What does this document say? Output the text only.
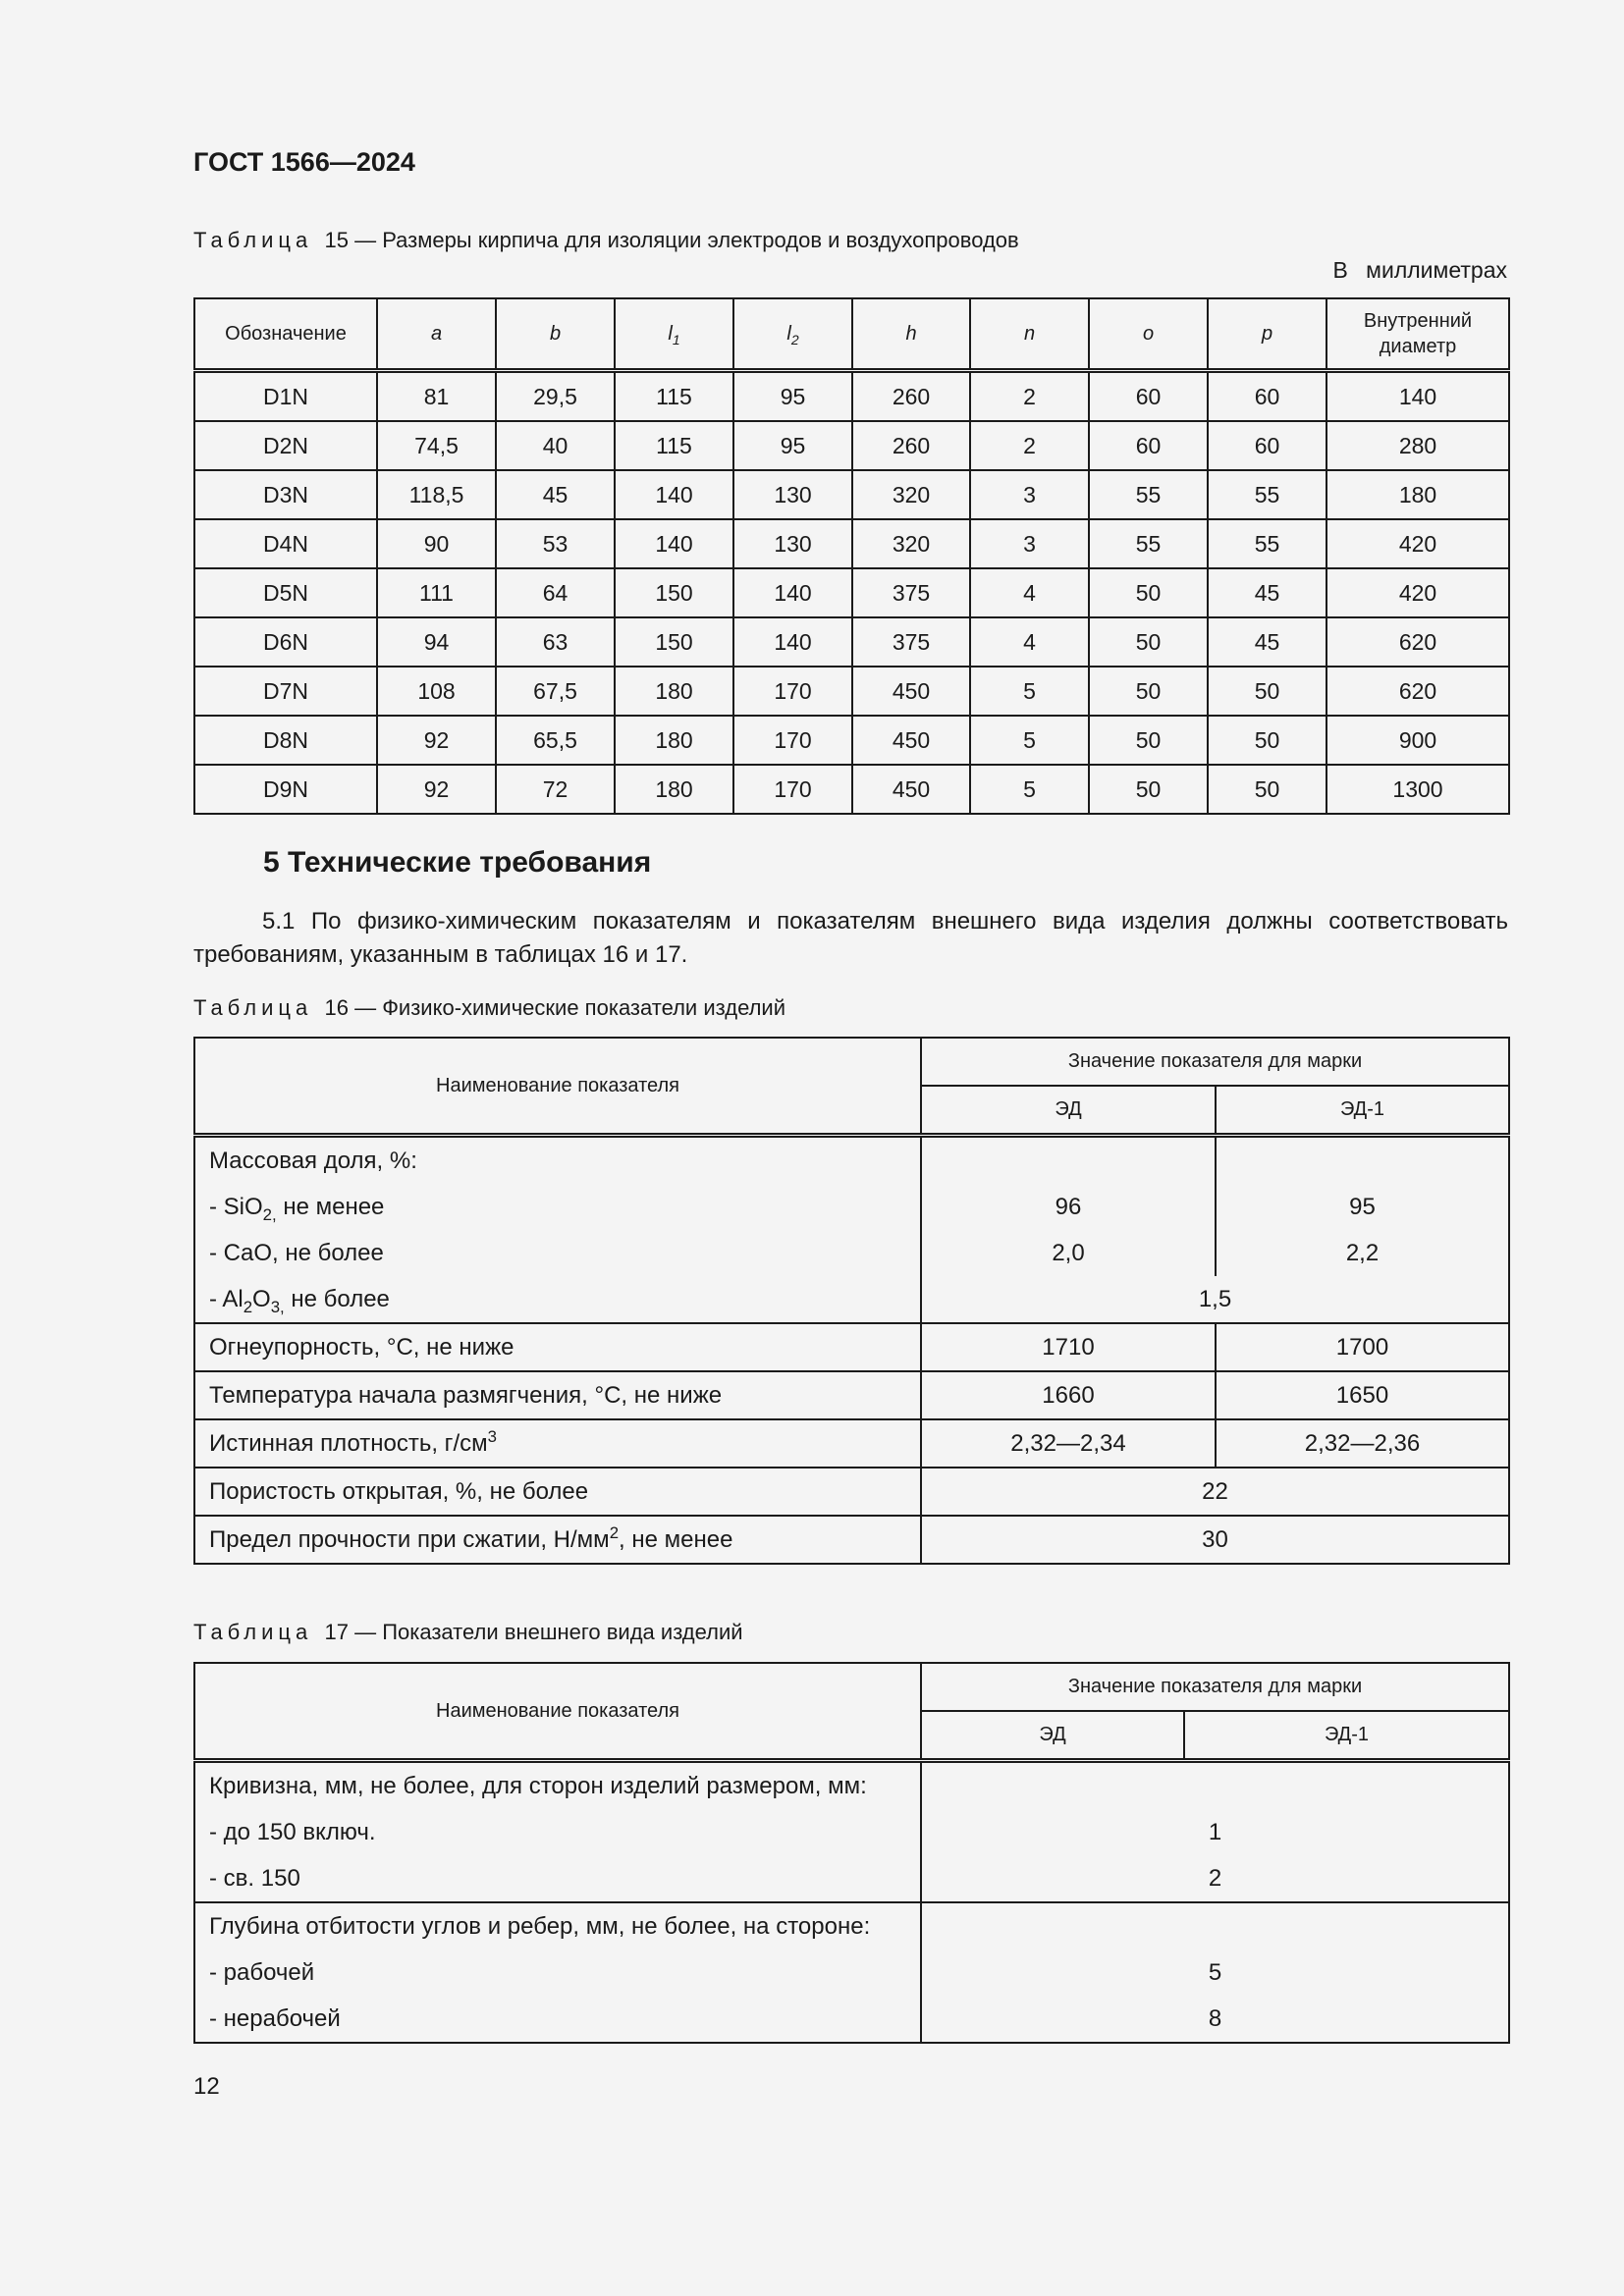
ГОСТ 1566—2024
Таблица 15 — Размеры кирпича для изоляции электродов и воздухопроводов
В миллиметрах
Обозначение	a	b	$l_1$	$l_2$	h	n	o	p	Внутренний диаметр
D1N	81	29,5	115	95	260	2	60	60	140
D2N	74,5	40	115	95	260	2	60	60	280
D3N	118,5	45	140	130	320	3	55	55	180
D4N	90	53	140	130	320	3	55	55	420
D5N	111	64	150	140	375	4	50	45	420
D6N	94	63	150	140	375	4	50	45	620
D7N	108	67,5	180	170	450	5	50	50	620
D8N	92	65,5	180	170	450	5	50	50	900
D9N	92	72	180	170	450	5	50	50	1300
5 Технические требования
5.1 По физико-химическим показателям и показателям внешнего вида изделия должны соответствовать требованиям, указанным в таблицах 16 и 17.
Таблица 16 — Физико-химические показатели изделий
Наименование показателя	Значение показателя для марки	
	ЭД	ЭД-1
Массовая доля, %:		
- SiO$_{2,}$ не менее	96	95
- CaO, не более	2,0	2,2
- $Al_2O_{3,}$ не более	1,5	
Огнеупорность, °С, не ниже	1710	1700
Температура начала размягчения, °С, не ниже	1660	1650
Истинная плотность, $г/см^3$	2,32—2,34	2,32—2,36
Пористость открытая, %, не более	22	
Предел прочности при сжатии, $Н/мм^2$, не менее	30	
Таблица 17 — Показатели внешнего вида изделий
Наименование показателя	Значение показателя для марки	
	ЭД	ЭД-1
Кривизна, мм, не более, для сторон изделий размером, мм:		
- до 150 включ.	1	
- св. 150	2	
Глубина отбитости углов и ребер, мм, не более, на стороне:		
- рабочей	5	
- нерабочей	8	
12
